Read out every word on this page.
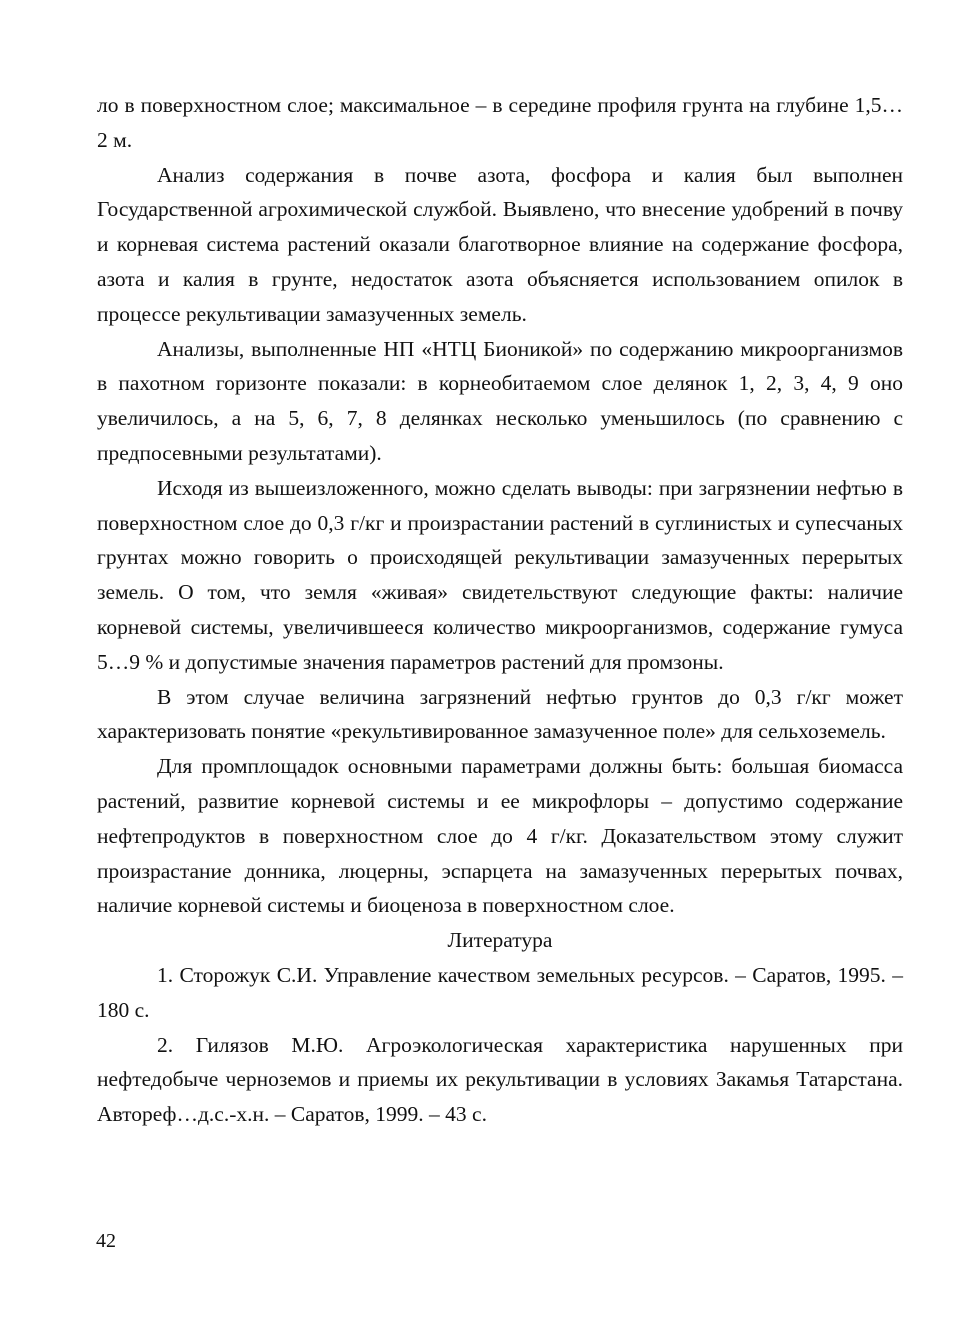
ло в поверхностном слое; максимальное – в середине профиля грунта на глубине 1,5…2 м.

Анализ содержания в почве азота, фосфора и калия был выполнен Государственной агрохимической службой. Выявлено, что внесение удобрений в почву и корневая система растений оказали благотворное влияние на содержание фосфора, азота и калия в грунте, недостаток азота объясняется использованием опилок в процессе рекультивации замазученных земель.

Анализы, выполненные НП «НТЦ Бионикой» по содержанию микроорганизмов в пахотном горизонте показали: в корнеобитаемом слое делянок 1, 2, 3, 4, 9 оно увеличилось, а на 5, 6, 7, 8 делянках несколько уменьшилось (по сравнению с предпосевными результатами).

Исходя из вышеизложенного, можно сделать выводы: при загрязнении нефтью в поверхностном слое до 0,3 г/кг и произрастании растений в суглинистых и супесчаных грунтах можно говорить о происходящей рекультивации замазученных перерытых земель. О том, что земля «живая» свидетельствуют следующие факты: наличие корневой системы, увеличившееся количество микроорганизмов, содержание гумуса 5…9 % и допустимые значения параметров растений для промзоны.

В этом случае величина загрязнений нефтью грунтов до 0,3 г/кг может характеризовать понятие «рекультивированное замазученное поле» для сельхоземель.

Для промплощадок основными параметрами должны быть: большая биомасса растений, развитие корневой системы и ее микрофлоры – допустимо содержание нефтепродуктов в поверхностном слое до 4 г/кг. Доказательством этому служит произрастание донника, люцерны, эспарцета на замазученных перерытых почвах, наличие корневой системы и биоценоза в поверхностном слое.

Литература

1. Сторожук С.И. Управление качеством земельных ресурсов. – Саратов, 1995. – 180 с.

2. Гилязов М.Ю. Агроэкологическая характеристика нарушенных при нефтедобыче черноземов и приемы их рекультивации в условиях Закамья Татарстана. Автореф…д.с.-х.н. – Саратов, 1999. – 43 с.

42
